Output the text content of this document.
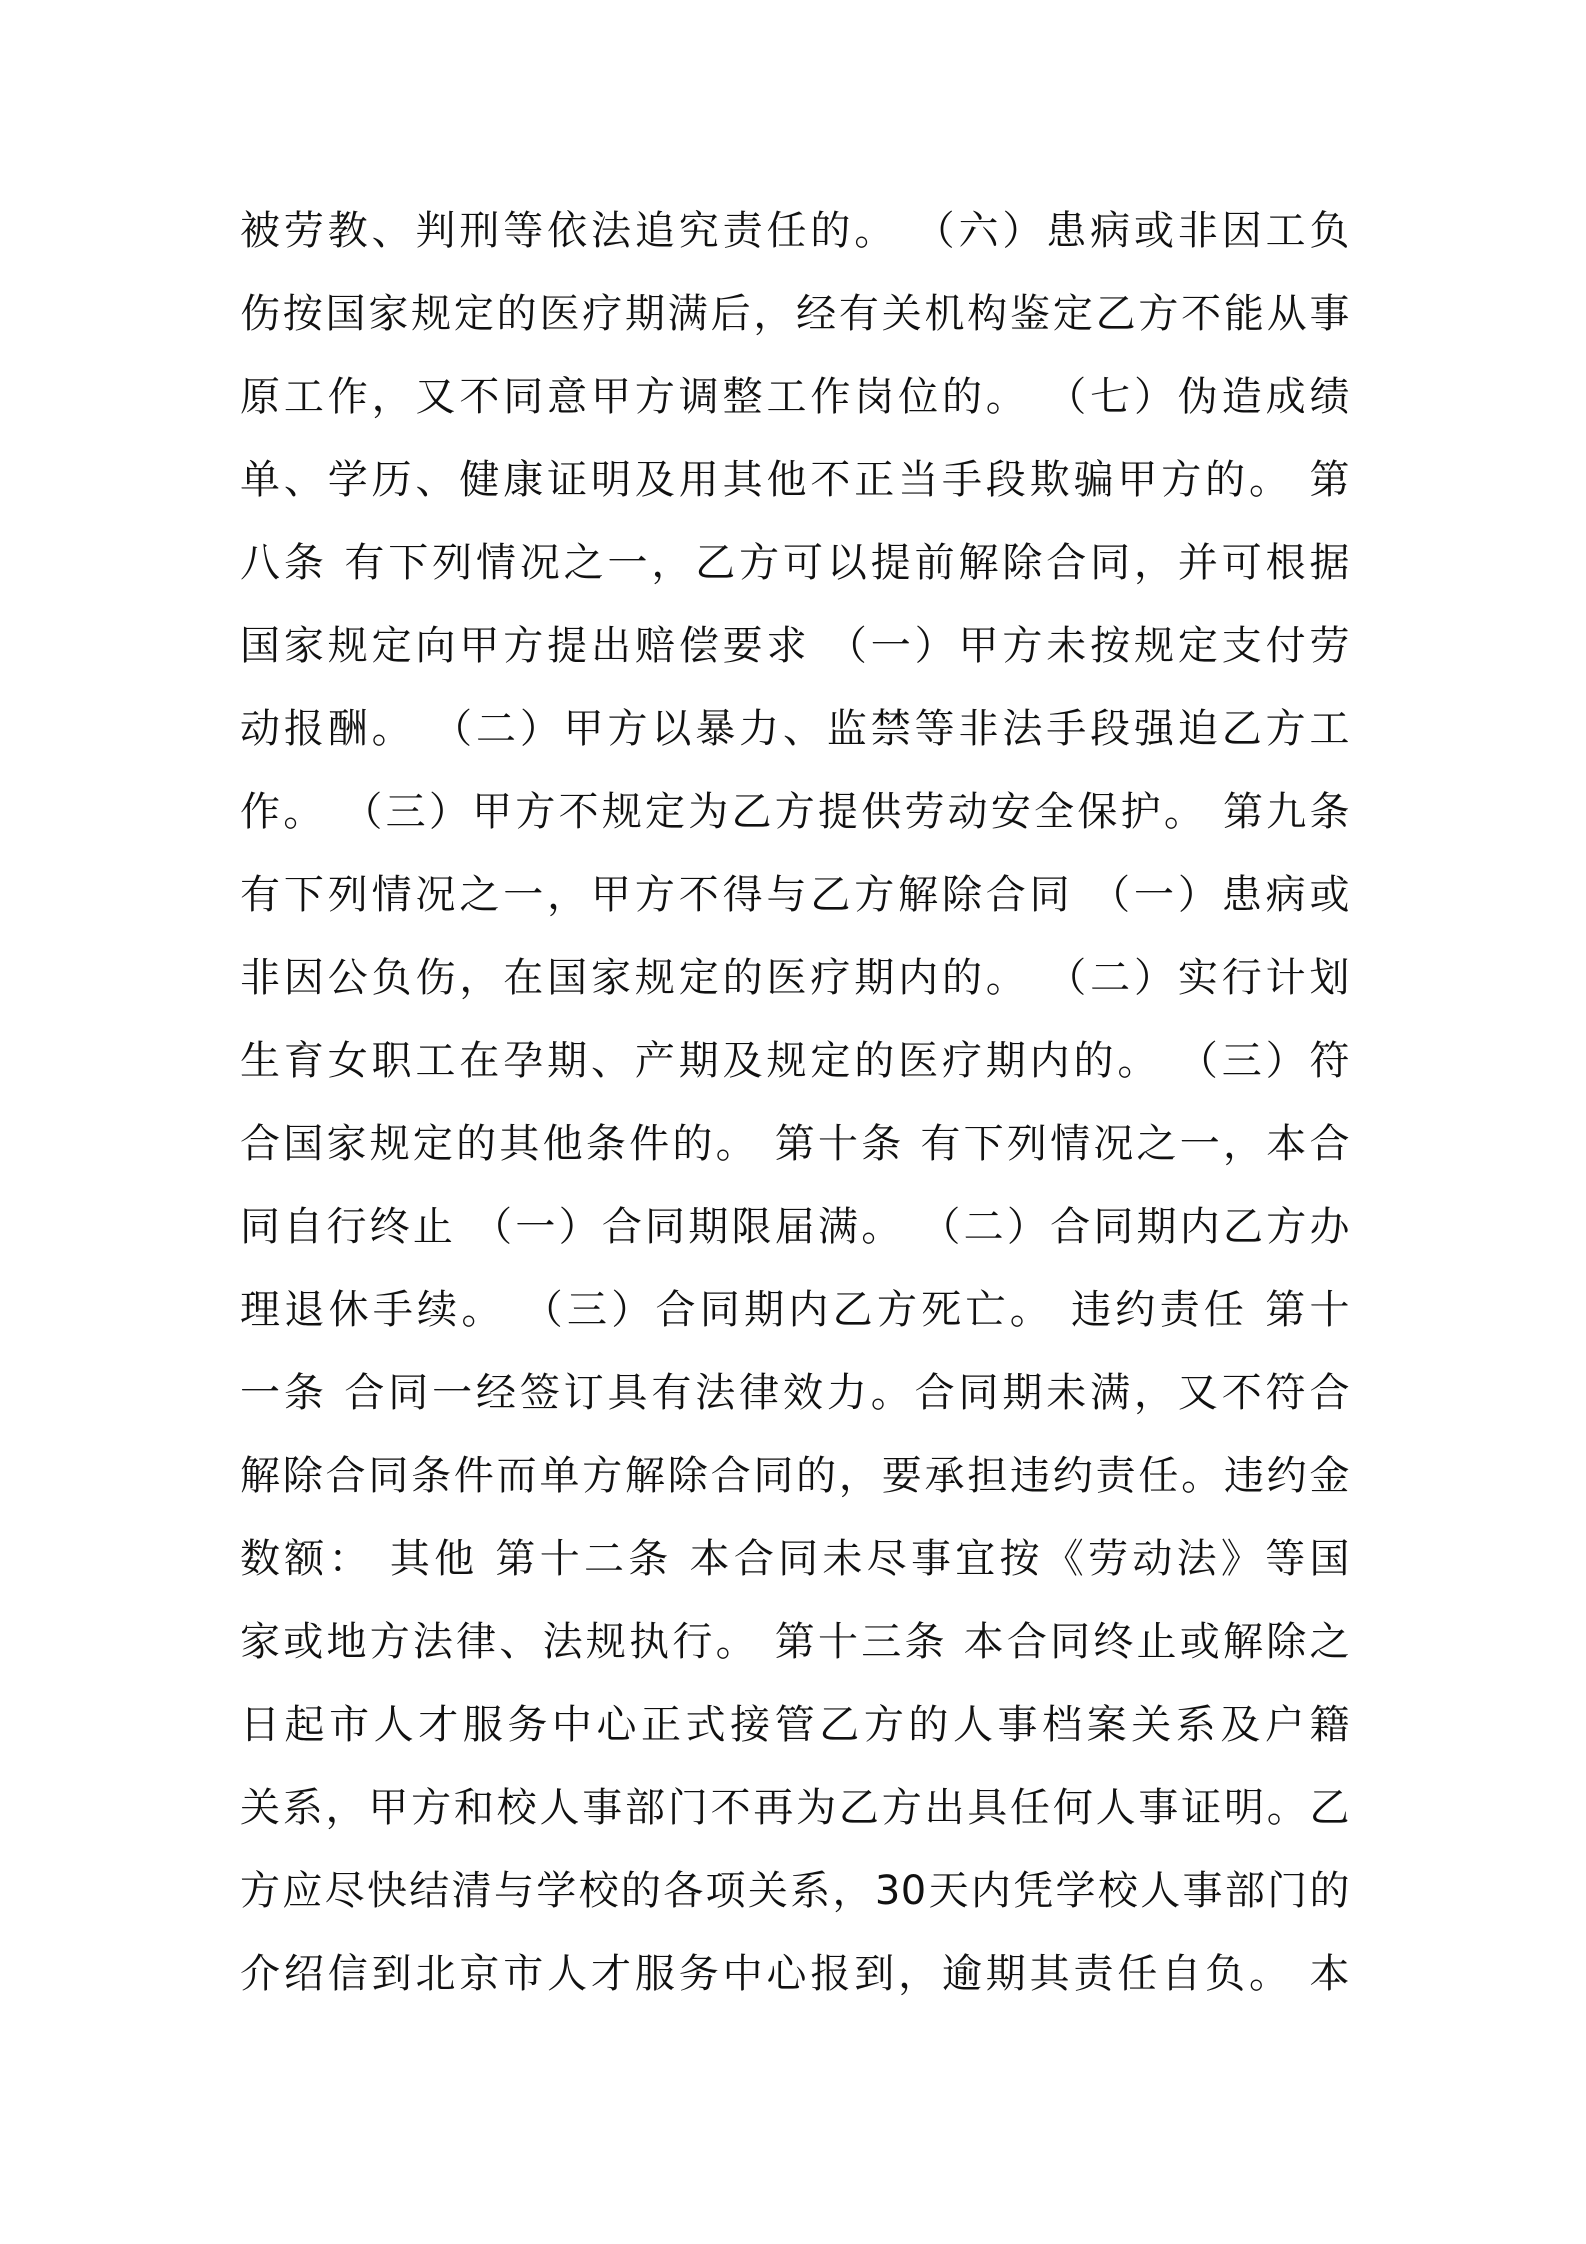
被劳教、判刑等依法追究责任的。 （六）患病或非因工负
伤按国家规定的医疗期满后，经有关机构鉴定乙方不能从事
原工作，又不同意甲方调整工作岗位的。 （七）伪造成绩
单、学历、健康证明及用其他不正当手段欺骗甲方的。 第
八条 有下列情况之一，乙方可以提前解除合同，并可根据
国家规定向甲方提出赔偿要求 （一）甲方未按规定支付劳
动报酬。 （二）甲方以暴力、监禁等非法手段强迫乙方工
作。 （三）甲方不规定为乙方提供劳动安全保护。 第九条
有下列情况之一，甲方不得与乙方解除合同 （一）患病或
非因公负伤，在国家规定的医疗期内的。 （二）实行计划
生育女职工在孕期、产期及规定的医疗期内的。 （三）符
合国家规定的其他条件的。 第十条 有下列情况之一，本合
同自行终止 （一）合同期限届满。 （二）合同期内乙方办
理退休手续。 （三）合同期内乙方死亡。 违约责任 第十
一条 合同一经签订具有法律效力。合同期未满，又不符合
解除合同条件而单方解除合同的，要承担违约责任。违约金
数额： 其他 第十二条 本合同未尽事宜按《劳动法》等国
家或地方法律、法规执行。 第十三条 本合同终止或解除之
日起市人才服务中心正式接管乙方的人事档案关系及户籍
关系，甲方和校人事部门不再为乙方出具任何人事证明。乙
方应尽快结清与学校的各项关系，30天内凭学校人事部门的
介绍信到北京市人才服务中心报到，逾期其责任自负。 本
